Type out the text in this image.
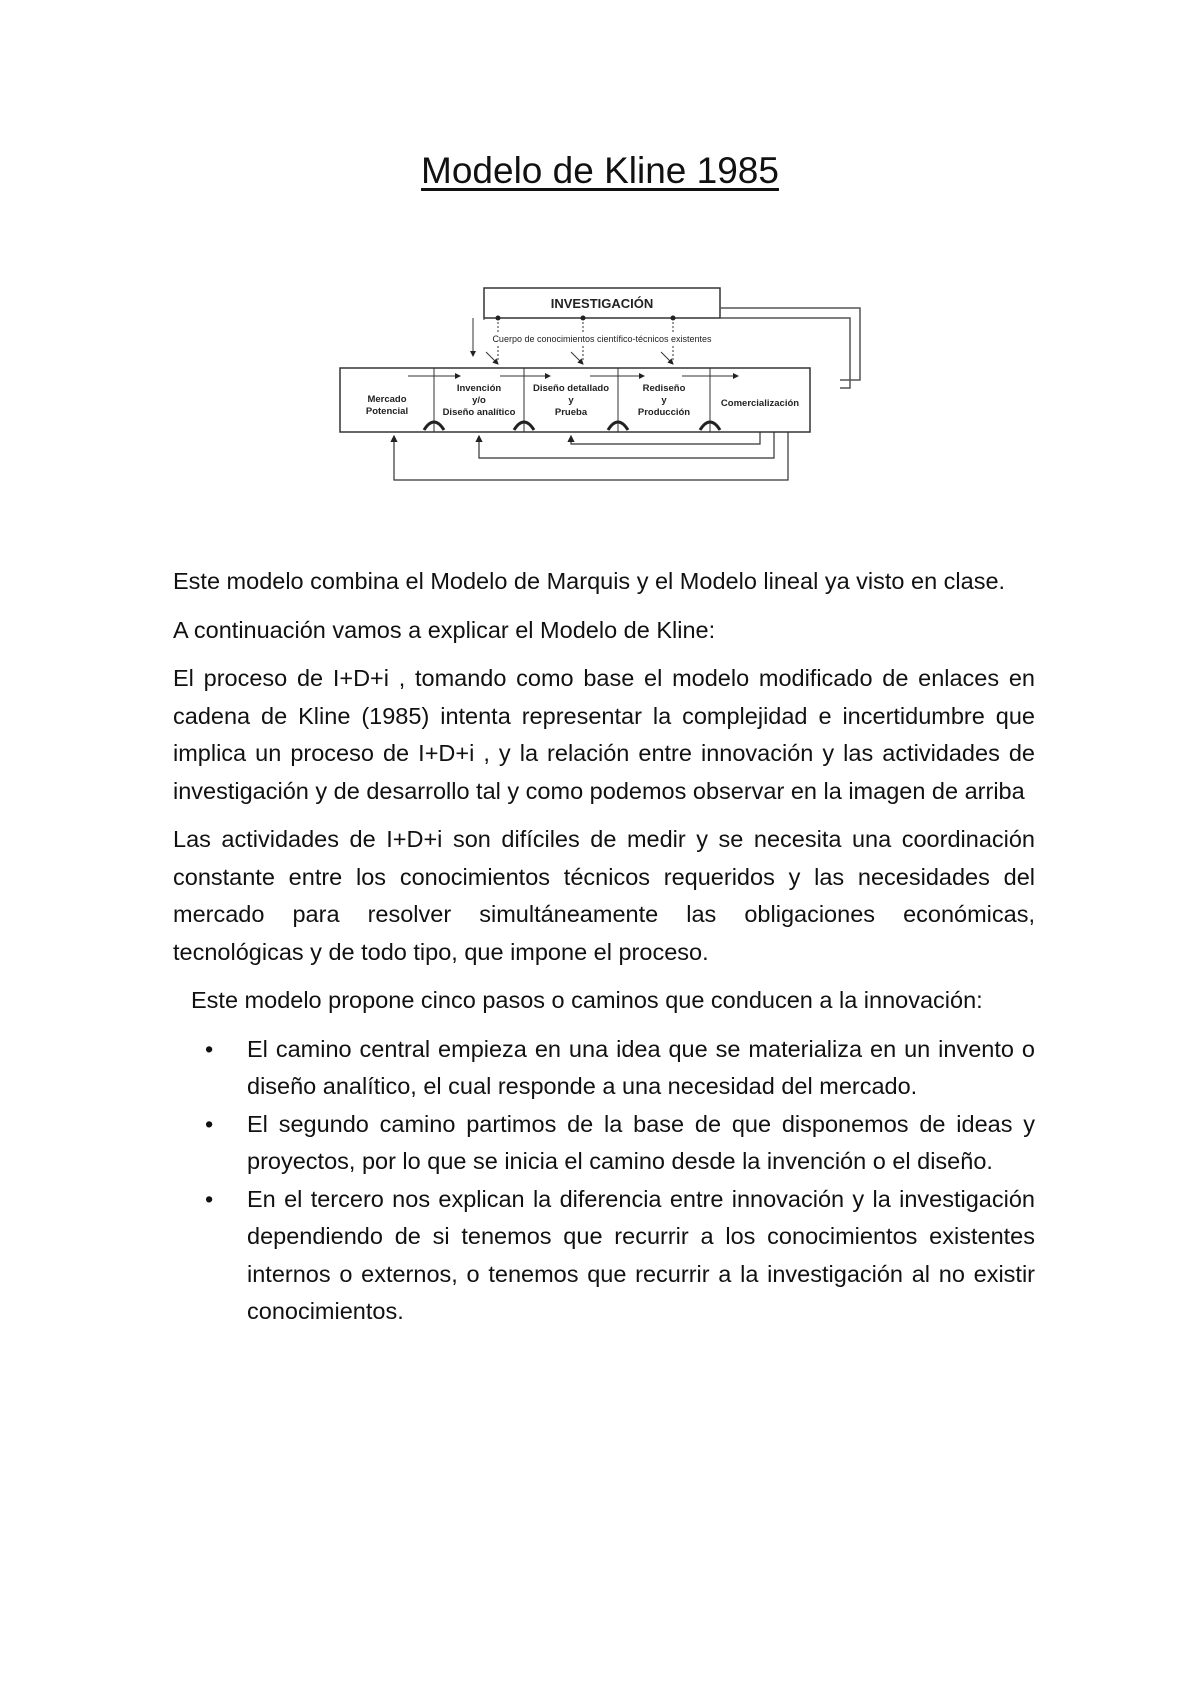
Modelo de Kline 1985
INVESTIGACIÓN
Cuerpo de conocimientos científico-técnicos existentes
Mercado
Potencial
Invención
y/o
Diseño analítico
Diseño detallado
y
Prueba
Rediseño
y
Producción
Comercialización

Este modelo combina el Modelo de Marquis y el Modelo lineal ya visto en clase.

A continuación vamos a explicar el Modelo de Kline:

El proceso de I+D+i , tomando como base el modelo modificado de enlaces en cadena de Kline (1985) intenta representar la complejidad e incertidumbre que implica un proceso de I+D+i , y la relación entre innovación y las actividades de investigación y de desarrollo tal y como podemos observar en la imagen de arriba

Las actividades de I+D+i son difíciles de medir y se necesita una coordinación constante entre los conocimientos técnicos requeridos y las necesidades del mercado para resolver simultáneamente las obligaciones económicas, tecnológicas y de todo tipo, que impone el proceso.

Este modelo propone cinco pasos o caminos que conducen a la innovación:

• El camino central empieza en una idea que se materializa en un invento o diseño analítico, el cual responde a una necesidad del mercado.
• El segundo camino partimos de la base de que disponemos de ideas y proyectos, por lo que se inicia el camino desde la invención o el diseño.
• En el tercero nos explican la diferencia entre innovación y la investigación dependiendo de si tenemos que recurrir a los conocimientos existentes internos o externos, o tenemos que recurrir a la investigación al no existir conocimientos.
